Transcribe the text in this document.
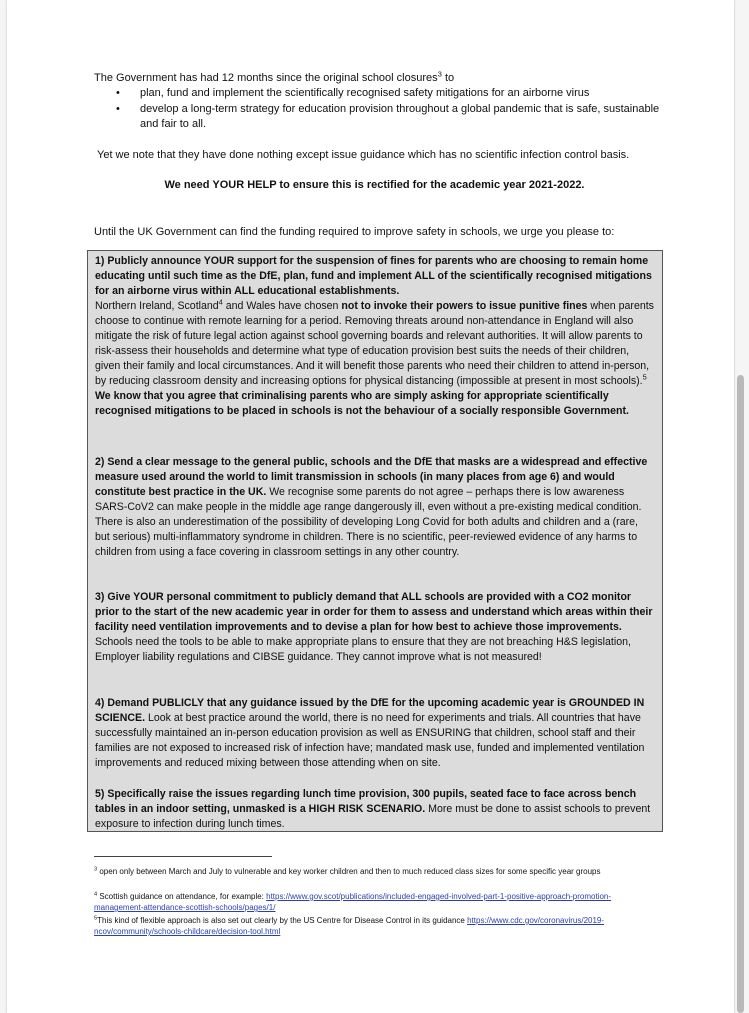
The Government has had 12 months since the original school closures$^3$ to
•	plan, fund and implement the scientifically recognised safety mitigations for an airborne virus
•	develop a long-term strategy for education provision throughout a global pandemic that is safe, sustainable and fair to all.
Yet we note that they have done nothing except issue guidance which has no scientific infection control basis.
We need YOUR HELP to ensure this is rectified for the academic year 2021-2022.
Until the UK Government can find the funding required to improve safety in schools, we urge you please to:
1) Publicly announce YOUR support for the suspension of fines for parents who are choosing to remain home educating until such time as the DfE, plan, fund and implement ALL of the scientifically recognised mitigations for an airborne virus within ALL educational establishments.
Northern Ireland, Scotland$^4$ and Wales have chosen not to invoke their powers to issue punitive fines when parents choose to continue with remote learning for a period. Removing threats around non-attendance in England will also mitigate the risk of future legal action against school governing boards and relevant authorities. It will allow parents to risk-assess their households and determine what type of education provision best suits the needs of their children, given their family and local circumstances. And it will benefit those parents who need their children to attend in-person, by reducing classroom density and increasing options for physical distancing (impossible at present in most schools).$^5$ We know that you agree that criminalising parents who are simply asking for appropriate scientifically recognised mitigations to be placed in schools is not the behaviour of a socially responsible Government.
2) Send a clear message to the general public, schools and the DfE that masks are a widespread and effective measure used around the world to limit transmission in schools (in many places from age 6) and would constitute best practice in the UK. We recognise some parents do not agree – perhaps there is low awareness SARS-CoV2 can make people in the middle age range dangerously ill, even without a pre-existing medical condition. There is also an underestimation of the possibility of developing Long Covid for both adults and children and a (rare, but serious) multi-inflammatory syndrome in children. There is no scientific, peer-reviewed evidence of any harms to children from using a face covering in classroom settings in any other country.
3) Give YOUR personal commitment to publicly demand that ALL schools are provided with a CO2 monitor prior to the start of the new academic year in order for them to assess and understand which areas within their facility need ventilation improvements and to devise a plan for how best to achieve those improvements. Schools need the tools to be able to make appropriate plans to ensure that they are not breaching H&S legislation, Employer liability regulations and CIBSE guidance. They cannot improve what is not measured!
4) Demand PUBLICLY that any guidance issued by the DfE for the upcoming academic year is GROUNDED IN SCIENCE. Look at best practice around the world, there is no need for experiments and trials. All countries that have successfully maintained an in-person education provision as well as ENSURING that children, school staff and their families are not exposed to increased risk of infection have; mandated mask use, funded and implemented ventilation improvements and reduced mixing between those attending when on site.
5) Specifically raise the issues regarding lunch time provision, 300 pupils, seated face to face across bench tables in an indoor setting, unmasked is a HIGH RISK SCENARIO. More must be done to assist schools to prevent exposure to infection during lunch times.
$^3$ open only between March and July to vulnerable and key worker children and then to much reduced class sizes for some specific year groups
$^4$ Scottish guidance on attendance, for example: https://www.gov.scot/publications/included-engaged-involved-part-1-positive-approach-promotion-management-attendance-scottish-schools/pages/1/
$^5$This kind of flexible approach is also set out clearly by the US Centre for Disease Control in its guidance https://www.cdc.gov/coronavirus/2019-ncov/community/schools-childcare/decision-tool.html
